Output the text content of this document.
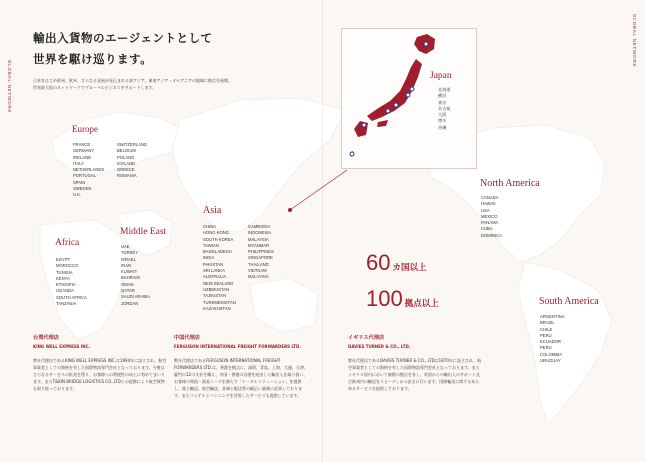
GLOBAL NETWORK
GLOBAL NETWORK
輸出入貨物のエージェントとして
世界を駆け巡ります。
日本をはじめ欧州、欧米、さらなる発展が見込まれる東アジア、東南アジア・オセアニアの地域に拠点を展開。
世界最大級のネットワークでグローバルビジネスをサポートします。
Europe
FRANCE
GERMANY
IRELAND
ITALY
NETHERLANDS
PORTUGAL
SPAIN
SWEDEN
U.K.
SWITZERLAND
BELGIUM
POLAND
ICELAND
GREECE
ROMANIA
Africa
EGYPT
MOROCCO
TUNISIA
KENYA
ETHIOPIA
UGANDA
SOUTH AFRICA
TANZANIA
Middle East
UAE
TURKEY
ISRAEL
IRAN
KUWAIT
BAHRAIN
OMAN
QATAR
SAUDI ARABIA
JORDAN
Asia
CHINA
HONG KONG
SOUTH KOREA
TAIWAN
BANGLADESH
INDIA
PAKISTAN
SRI LANKA
AUSTRALIA
NEW ZEALAND
UZBEKISTAN
TAJIKISTAN
TURKMENISTAN
KAZAKHSTAN
CAMBODIA
INDONESIA
MALAYSIA
MYANMAR
PHILIPPINES
SINGAPORE
THAILAND
VIETNAM
MALAYSIA
Japan
北海道
横浜
東京
名古屋
大阪
博多
沖縄
North America
CANADA
HAWAII
USA
MEXICO
PANAMA
CUBA
DOMINICA
South America
ARGENTINA
BRAZIL
CHILE
PERU
ECUADOR
PERU
COLOMBIA
URUGUAY
60 カ国以上
100 拠点以上
台湾代理店
KING WELL EXPRESS INC.
弊社代理店であるKING WELL EXPRESS INC.は1994年に設立され、航空事業者としての資格を有した国際物流専門会社となっております。今後はさらなるサービスの拡充を図り、お客様への利便性の向上に努めてまいります。またT&KIN BRIDGE LOGISTICS CO.,LTDとの提携により航空貨物も取り扱っております。
中国代理店
FERGUSON INTERNATIONAL FREIGHT FORWARDERS LTD.
弊社代理店であるFERGUSON INTERNATIONAL FREIGHT FORWARDERS LTD.は、香港を拠点に、深圳、青島、上海、大連、天津、廈門の12の支社を構え、中国・香港の各港を経由した輸出入を取り扱い、お客様の物流・貿易ニーズを満たす「トータルソリューション」を提供し、陸上輸送、航空輸送、倉庫と配送等の幅広い業務に従事しております。またコンテナとバンニングを活用したサービスも提供しています。
イギリス代理店
DAVIES TURNER & CO., LTD.
弊社代理店であるDAVIES TURNER & CO., LTDは1870年に設立され、航空事業者としての資格を有した国際物流専門会社となっております。またイギリス国内において複数の拠点を有し、英国からの輸出入のサポート及び欧州内の輸送をスピーディかつ安全に行います。国際輸送に関するあらゆるサービスを提供しております。
